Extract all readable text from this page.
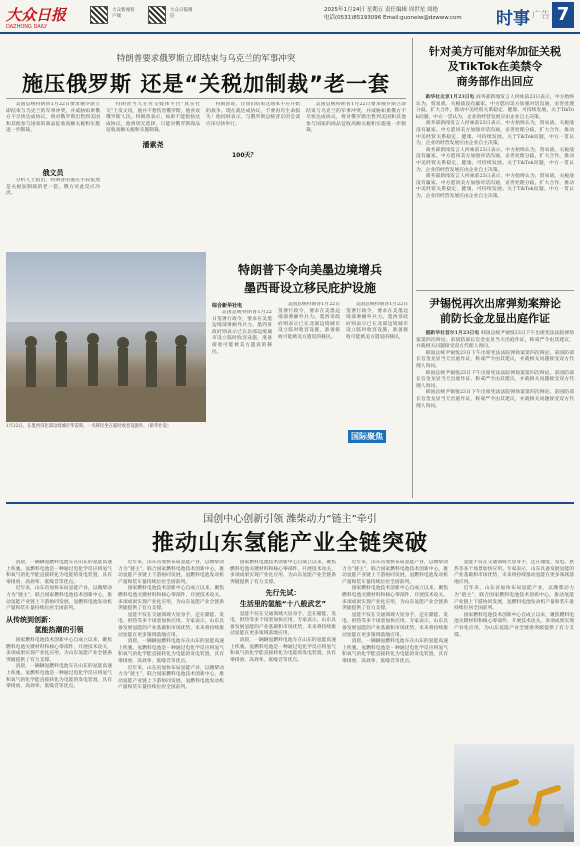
大众日报
DAZHONG DAILY
大众新闻客户端
大众日报微信
2025年1月24日 星期五 责任编辑 周世星 周艳
电话(0531)85193096 Email:guoneiw@dzwww.com 时事 广告 7
特朗普要求俄罗斯立即结束与乌克兰的军事冲突
施压俄罗斯 还是“关税加制裁”老一套

美国总统特朗普1月22日要求俄罗斯立即结束与乌克兰的军事冲突，并威胁如果俄方不尽快达成协议，将对俄罗斯出售到美国和其他参与国家的商品征收高额关税和实施进一步制裁。

俄文员

分析人士指出，特朗普的施压手段依然是关税加制裁的老一套，俄方对此反应冷淡。

特朗普当天在社交媒体平台“真实社交”上发文说，他并不想伤害俄罗斯，他喜欢俄罗斯人民。特朗普表示，如果不能很快达成协议，他将别无选择，只能对俄罗斯商品征收高额关税和实施制裁。

潘素尧

特朗普说，让我们结束这场本不应开始的战争。现在就达成协议，不要再有生命损失！他同时表示，与俄罗斯总统普京的会谈应该尽快举行。

100天？

美国总统特朗普1月22日要求俄罗斯立即结束与乌克兰的军事冲突，并威胁如果俄方不尽快达成协议，将对俄罗斯出售到美国和其他参与国家的商品征收高额关税和实施进一步制裁。

1月22日，在墨西哥北部边境城市华雷斯，一名移民坐在临时收容设施外。（新华社发）
特朗普下令向美墨边境增兵
墨西哥设立移民庇护设施
综合新华社电

美国总统特朗普1月22日签署行政令，要求在美墨边境部署额外兵力。墨西哥政府则表示已在北部边境城市设立临时收容设施，准备接收可能被美方遣返的移民。

美国总统特朗普1月22日签署行政令，要求在美墨边境部署额外兵力。墨西哥政府则表示已在北部边境城市设立临时收容设施，准备接收可能被美方遣返的移民。

美国总统特朗普1月22日签署行政令，要求在美墨边境部署额外兵力。墨西哥政府则表示已在北部边境城市设立临时收容设施，准备接收可能被美方遣返的移民。

国际聚焦
针对美方可能对华加征关税
及TikTok在美禁令
商务部作出回应

新华社北京1月23日电 商务部新闻发言人何咏前23日表示，中方始终认为，贸易战、关税战没有赢家。中方愿同美方加强对话沟通，妥善处理分歧，扩大合作，推动中美经贸关系稳定、健康、可持续发展。关于TikTok问题，中方一贯认为，企业的经营发展应由企业自主决策。

商务部新闻发言人何咏前23日表示，中方始终认为，贸易战、关税战没有赢家。中方愿同美方加强对话沟通，妥善处理分歧，扩大合作，推动中美经贸关系稳定、健康、可持续发展。关于TikTok问题，中方一贯认为，企业的经营发展应由企业自主决策。

商务部新闻发言人何咏前23日表示，中方始终认为，贸易战、关税战没有赢家。中方愿同美方加强对话沟通，妥善处理分歧，扩大合作，推动中美经贸关系稳定、健康、可持续发展。关于TikTok问题，中方一贯认为，企业的经营发展应由企业自主决策。

商务部新闻发言人何咏前23日表示，中方始终认为，贸易战、关税战没有赢家。中方愿同美方加强对话沟通，妥善处理分歧，扩大合作，推动中美经贸关系稳定、健康、可持续发展。关于TikTok问题，中方一贯认为，企业的经营发展应由企业自主决策。

尹锡悦再次出席弹劾案辩论
前防长金龙显出庭作证

据新华社首尔1月23日电 韩国总统尹锡悦23日下午出席宪法法院弹劾案第四次辩论。前国防部长官金龙显当天出庭作证，称戒严令由其建议，并就相关问题接受双方代理人询问。

韩国总统尹锡悦23日下午出席宪法法院弹劾案第四次辩论。前国防部长官金龙显当天出庭作证，称戒严令由其建议，并就相关问题接受双方代理人询问。

韩国总统尹锡悦23日下午出席宪法法院弹劾案第四次辩论。前国防部长官金龙显当天出庭作证，称戒严令由其建议，并就相关问题接受双方代理人询问。

韩国总统尹锡悦23日下午出席宪法法院弹劾案第四次辩论。前国防部长官金龙显当天出庭作证，称戒严令由其建议，并就相关问题接受双方代理人询问。

国创中心创新引领 潍柴动力“链主”牵引
推动山东氢能产业全链突破

清晨，一辆辆氢燃料电池车在山东的氢能高速上疾驰。氢燃料电池是一种通过电化学反应将氢气和氧气的化学能直接转化为电能的发电装置，具有零排放、高效率、低噪音等优点。

近年来，山东省加快布局氢能产业，以潍柴动力为“链主”，联合国家燃料电池技术创新中心，推动氢能产业链上下游协同发展，氢燃料电池发动机产量和装车量持续位居全国前列。

从传统到创新：
氢能热潮的引领

国家燃料电池技术创新中心自成立以来，聚焦燃料电池关键材料和核心零部件，开展技术攻关，多项成果实现产业化应用，为山东氢能产业全链条突破提供了有力支撑。

清晨，一辆辆氢燃料电池车在山东的氢能高速上疾驰。氢燃料电池是一种通过电化学反应将氢气和氧气的化学能直接转化为电能的发电装置，具有零排放、高效率、低噪音等优点。

近年来，山东省加快布局氢能产业，以潍柴动力为“链主”，联合国家燃料电池技术创新中心，推动氢能产业链上下游协同发展，氢燃料电池发动机产量和装车量持续位居全国前列。

国家燃料电池技术创新中心自成立以来，聚焦燃料电池关键材料和核心零部件，开展技术攻关，多项成果实现产业化应用，为山东氢能产业全链条突破提供了有力支撑。

氢能不仅在交通领域大显身手，还在储能、发电、供热等多个场景加快应用。专家表示，山东具备发展氢能的产业基础和市场优势，未来将持续推动氢能在更多领域落地应用。

清晨，一辆辆氢燃料电池车在山东的氢能高速上疾驰。氢燃料电池是一种通过电化学反应将氢气和氧气的化学能直接转化为电能的发电装置，具有零排放、高效率、低噪音等优点。

近年来，山东省加快布局氢能产业，以潍柴动力为“链主”，联合国家燃料电池技术创新中心，推动氢能产业链上下游协同发展，氢燃料电池发动机产量和装车量持续位居全国前列。

国家燃料电池技术创新中心自成立以来，聚焦燃料电池关键材料和核心零部件，开展技术攻关，多项成果实现产业化应用，为山东氢能产业全链条突破提供了有力支撑。

先行先试：
生活里的氢能“十八般武艺”

氢能不仅在交通领域大显身手，还在储能、发电、供热等多个场景加快应用。专家表示，山东具备发展氢能的产业基础和市场优势，未来将持续推动氢能在更多领域落地应用。

清晨，一辆辆氢燃料电池车在山东的氢能高速上疾驰。氢燃料电池是一种通过电化学反应将氢气和氧气的化学能直接转化为电能的发电装置，具有零排放、高效率、低噪音等优点。

近年来，山东省加快布局氢能产业，以潍柴动力为“链主”，联合国家燃料电池技术创新中心，推动氢能产业链上下游协同发展，氢燃料电池发动机产量和装车量持续位居全国前列。

国家燃料电池技术创新中心自成立以来，聚焦燃料电池关键材料和核心零部件，开展技术攻关，多项成果实现产业化应用，为山东氢能产业全链条突破提供了有力支撑。

氢能不仅在交通领域大显身手，还在储能、发电、供热等多个场景加快应用。专家表示，山东具备发展氢能的产业基础和市场优势，未来将持续推动氢能在更多领域落地应用。

清晨，一辆辆氢燃料电池车在山东的氢能高速上疾驰。氢燃料电池是一种通过电化学反应将氢气和氧气的化学能直接转化为电能的发电装置，具有零排放、高效率、低噪音等优点。

氢能不仅在交通领域大显身手，还在储能、发电、供热等多个场景加快应用。专家表示，山东具备发展氢能的产业基础和市场优势，未来将持续推动氢能在更多领域落地应用。

近年来，山东省加快布局氢能产业，以潍柴动力为“链主”，联合国家燃料电池技术创新中心，推动氢能产业链上下游协同发展，氢燃料电池发动机产量和装车量持续位居全国前列。

国家燃料电池技术创新中心自成立以来，聚焦燃料电池关键材料和核心零部件，开展技术攻关，多项成果实现产业化应用，为山东氢能产业全链条突破提供了有力支撑。
